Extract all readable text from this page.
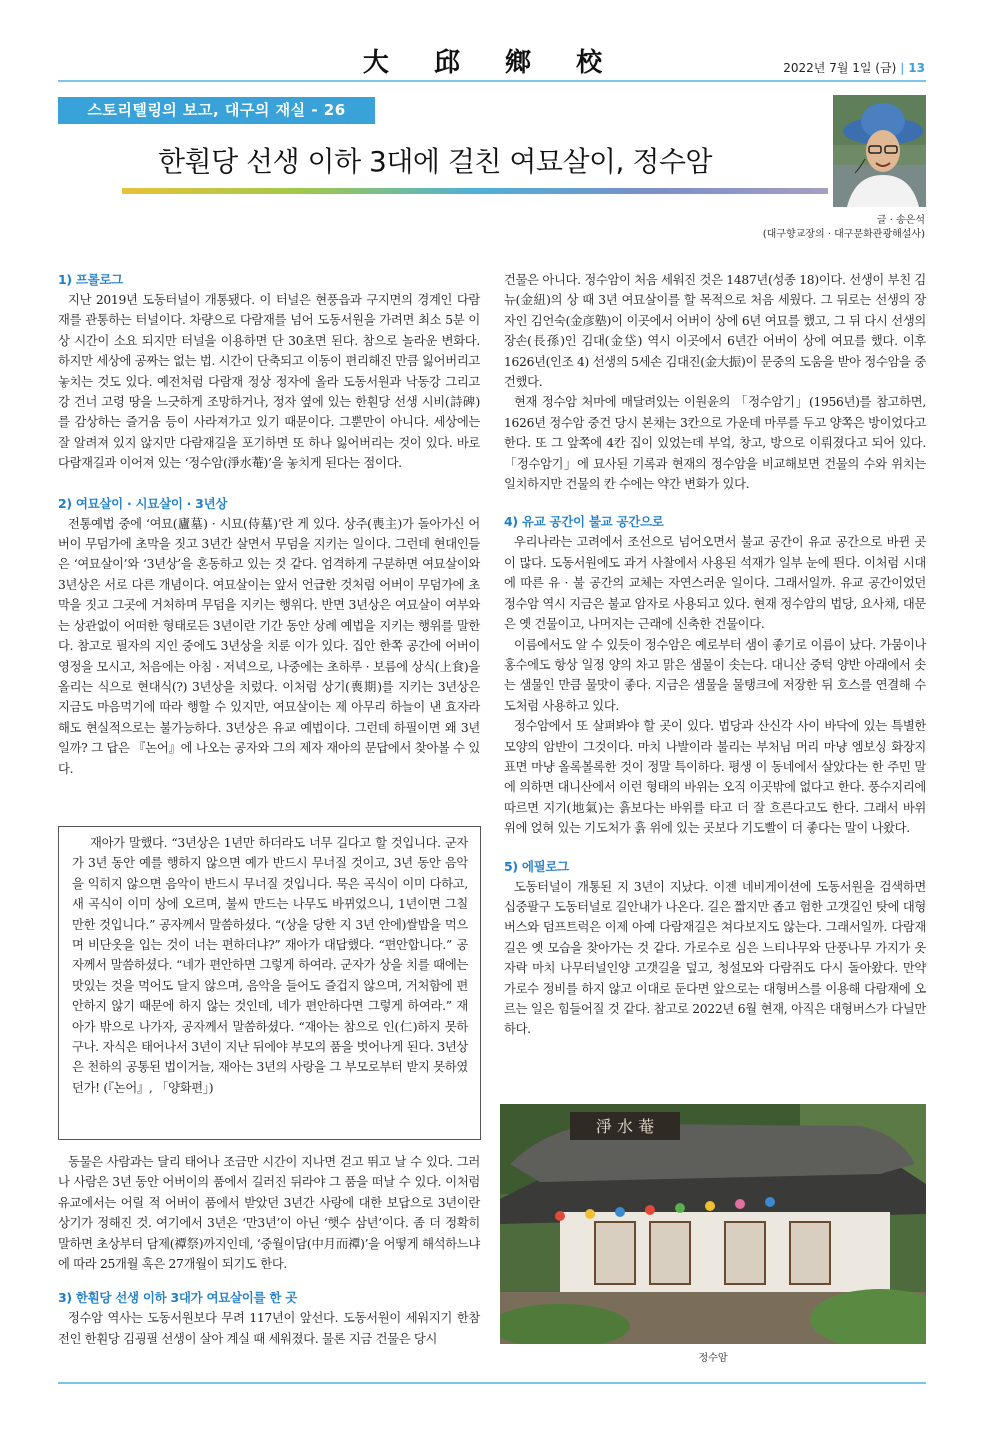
大 邱 鄉 校	2022년 7월 1일 (금) | 13
스토리텔링의 보고, 대구의 재실 - 26
한훤당 선생 이하 3대에 걸친 여묘살이, 정수암
글 · 송은석
(대구향교장의 · 대구문화관광해설사)
1) 프롤로그

지난 2019년 도동터널이 개통됐다. 이 터널은 현풍읍과 구지면의 경계인 다람재를 관통하는 터널이다. 차량으로 다람재를 넘어 도동서원을 가려면 최소 5분 이상 시간이 소요 되지만 터널을 이용하면 단 30초면 된다. 참으로 놀라운 변화다. 하지만 세상에 공짜는 없는 법. 시간이 단축되고 이동이 편리해진 만큼 잃어버리고 놓치는 것도 있다. 예전처럼 다람재 정상 정자에 올라 도동서원과 낙동강 그리고 강 건너 고령 땅을 느긋하게 조망하거나, 정자 옆에 있는 한훤당 선생 시비(詩碑)를 감상하는 즐거움 등이 사라져가고 있기 때문이다. 그뿐만이 아니다. 세상에는 잘 알려져 있지 않지만 다람재길을 포기하면 또 하나 잃어버리는 것이 있다. 바로 다람재길과 이어져 있는 ‘정수암(淨水菴)’을 놓치게 된다는 점이다.

2) 여묘살이 · 시묘살이 · 3년상

전통예법 중에 ‘여묘(廬墓) · 시묘(侍墓)’란 게 있다. 상주(喪主)가 돌아가신 어버이 무덤가에 초막을 짓고 3년간 살면서 무덤을 지키는 일이다. 그런데 현대인들은 ‘여묘살이’와 ‘3년상’을 혼동하고 있는 것 같다. 엄격하게 구분하면 여묘살이와 3년상은 서로 다른 개념이다. 여묘살이는 앞서 언급한 것처럼 어버이 무덤가에 초막을 짓고 그곳에 거처하며 무덤을 지키는 행위다. 반면 3년상은 여묘살이 여부와는 상관없이 어떠한 형태로든 3년이란 기간 동안 상례 예법을 지키는 행위를 말한다. 참고로 필자의 지인 중에도 3년상을 치룬 이가 있다. 집안 한쪽 공간에 어버이 영정을 모시고, 처음에는 아침 · 저녁으로, 나중에는 초하루 · 보름에 상식(上食)을 올리는 식으로 현대식(?) 3년상을 치렀다. 이처럼 상기(喪期)를 지키는 3년상은 지금도 마음먹기에 따라 행할 수 있지만, 여묘살이는 제 아무리 하늘이 낸 효자라 해도 현실적으로는 불가능하다. 3년상은 유교 예법이다. 그런데 하필이면 왜 3년일까? 그 답은 『논어』에 나오는 공자와 그의 제자 재아의 문답에서 찾아볼 수 있다.

재아가 말했다. “3년상은 1년만 하더라도 너무 길다고 할 것입니다. 군자가 3년 동안 예를 행하지 않으면 예가 반드시 무너질 것이고, 3년 동안 음악을 익히지 않으면 음악이 반드시 무너질 것입니다. 묵은 곡식이 이미 다하고, 새 곡식이 이미 상에 오르며, 불씨 만드는 나무도 바뀌었으니, 1년이면 그칠 만한 것입니다.” 공자께서 말씀하셨다. “(상을 당한 지 3년 안에)쌀밥을 먹으며 비단옷을 입는 것이 너는 편하더냐?” 재아가 대답했다. “편안합니다.” 공자께서 말씀하셨다. “네가 편안하면 그렇게 하여라. 군자가 상을 치를 때에는 맛있는 것을 먹어도 달지 않으며, 음악을 들어도 즐겁지 않으며, 거처함에 편안하지 않기 때문에 하지 않는 것인데, 네가 편안하다면 그렇게 하여라.” 재아가 밖으로 나가자, 공자께서 말씀하셨다. “재아는 참으로 인(仁)하지 못하구나. 자식은 태어나서 3년이 지난 뒤에야 부모의 품을 벗어나게 된다. 3년상은 천하의 공통된 법이거늘, 재아는 3년의 사랑을 그 부모로부터 받지 못하였던가! (『논어』, 「양화편」)

동물은 사람과는 달리 태어나 조금만 시간이 지나면 걷고 뛰고 날 수 있다. 그러나 사람은 3년 동안 어버이의 품에서 길러진 뒤라야 그 품을 떠날 수 있다. 이처럼 유교에서는 어릴 적 어버이 품에서 받았던 3년간 사랑에 대한 보답으로 3년이란 상기가 정해진 것. 여기에서 3년은 ‘만3년’이 아닌 ‘햇수 삼년’이다. 좀 더 정확히 말하면 초상부터 담제(禫祭)까지인데, ‘중월이담(中月而禫)’을 어떻게 해석하느냐에 따라 25개월 혹은 27개월이 되기도 한다.

3) 한훤당 선생 이하 3대가 여묘살이를 한 곳

정수암 역사는 도동서원보다 무려 117년이 앞선다. 도동서원이 세워지기 한참 전인 한훤당 김굉필 선생이 살아 계실 때 세워졌다. 물론 지금 건물은 당시

건물은 아니다. 정수암이 처음 세워진 것은 1487년(성종 18)이다. 선생이 부친 김뉴(金紐)의 상 때 3년 여묘살이를 할 목적으로 처음 세웠다. 그 뒤로는 선생의 장자인 김언숙(金彦塾)이 이곳에서 어버이 상에 6년 여묘를 했고, 그 뒤 다시 선생의 장손(長孫)인 김대(金垈) 역시 이곳에서 6년간 어버이 상에 여묘를 했다. 이후 1626년(인조 4) 선생의 5세손 김대진(金大振)이 문중의 도움을 받아 정수암을 중건했다.

현재 정수암 처마에 매달려있는 이원윤의 「정수암기」(1956년)를 참고하면, 1626년 정수암 중건 당시 본채는 3칸으로 가운데 마루를 두고 양쪽은 방이었다고 한다. 또 그 앞쪽에 4칸 집이 있었는데 부엌, 창고, 방으로 이뤄졌다고 되어 있다. 「정수암기」에 묘사된 기록과 현재의 정수암을 비교해보면 건물의 수와 위치는 일치하지만 건물의 칸 수에는 약간 변화가 있다.

4) 유교 공간이 불교 공간으로

우리나라는 고려에서 조선으로 넘어오면서 불교 공간이 유교 공간으로 바뀐 곳이 많다. 도동서원에도 과거 사찰에서 사용된 석재가 일부 눈에 띈다. 이처럼 시대에 따른 유 · 불 공간의 교체는 자연스러운 일이다. 그래서일까. 유교 공간이었던 정수암 역시 지금은 불교 암자로 사용되고 있다. 현재 정수암의 법당, 요사채, 대문은 옛 건물이고, 나머지는 근래에 신축한 건물이다.

이름에서도 알 수 있듯이 정수암은 예로부터 샘이 좋기로 이름이 났다. 가뭄이나 홍수에도 항상 일정 양의 차고 맑은 샘물이 솟는다. 대니산 중턱 양반 아래에서 솟는 샘물인 만큼 물맛이 좋다. 지금은 샘물을 물탱크에 저장한 뒤 호스를 연결해 수도처럼 사용하고 있다.

정수암에서 또 살펴봐야 할 곳이 있다. 법당과 산신각 사이 바닥에 있는 특별한 모양의 암반이 그것이다. 마치 나발이라 불리는 부처님 머리 마냥 엠보싱 화장지 표면 마냥 올록볼록한 것이 정말 특이하다. 평생 이 동네에서 살았다는 한 주민 말에 의하면 대니산에서 이런 형태의 바위는 오직 이곳밖에 없다고 한다. 풍수지리에 따르면 지기(地氣)는 흙보다는 바위를 타고 더 잘 흐른다고도 한다. 그래서 바위 위에 얹혀 있는 기도처가 흙 위에 있는 곳보다 기도빨이 더 좋다는 말이 나왔다.

5) 에필로그

도동터널이 개통된 지 3년이 지났다. 이젠 네비게이션에 도동서원을 검색하면 십중팔구 도동터널로 길안내가 나온다. 길은 짧지만 좁고 험한 고갯길인 탓에 대형버스와 덤프트럭은 이제 아예 다람재길은 쳐다보지도 않는다. 그래서일까. 다람재길은 옛 모습을 찾아가는 것 같다. 가로수로 심은 느티나무와 단풍나무 가지가 옷자락 마치 나무터널인양 고갯길을 덮고, 청설모와 다람쥐도 다시 돌아왔다. 만약 가로수 정비를 하지 않고 이대로 둔다면 앞으로는 대형버스를 이용해 다람재에 오르는 일은 힘들어질 것 같다. 참고로 2022년 6월 현재, 아직은 대형버스가 다닐만하다.

淨 水 菴
정수암
